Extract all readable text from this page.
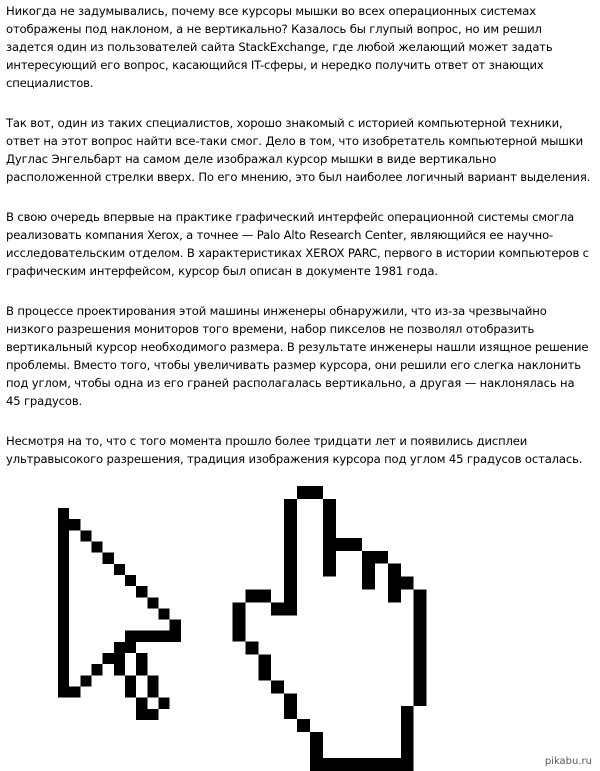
Никогда не задумывались, почему все курсоры мышки во всех операционных системах отображены под наклоном, а не вертикально? Казалось бы глупый вопрос, но им решил задется один из пользователей сайта StackExchange, где любой желающий может задать интересующий его вопрос, касающийся IT-сферы, и нередко получить ответ от знающих специалистов.

Так вот, один из таких специалистов, хорошо знакомый с историей компьютерной техники, ответ на этот вопрос найти все-таки смог. Дело в том, что изобретатель компьютерной мышки Дуглас Энгельбарт на самом деле изображал курсор мышки в виде вертикально расположенной стрелки вверх. По его мнению, это был наиболее логичный вариант выделения.

В свою очередь впервые на практике графический интерфейс операционной системы смогла реализовать компания Xerox, а точнее — Palo Alto Research Center, являющийся ее научно-исследовательским отделом. В характеристиках XEROX PARC, первого в истории компьютеров с графическим интерфейсом, курсор был описан в документе 1981 года.

В процессе проектирования этой машины инженеры обнаружили, что из-за чрезвычайно низкого разрешения мониторов того времени, набор пикселов не позволял отобразить вертикальный курсор необходимого размера. В результате инженеры нашли изящное решение проблемы. Вместо того, чтобы увеличивать размер курсора, они решили его слегка наклонить под углом, чтобы одна из его граней располагалась вертикально, а другая — наклонялась на 45 градусов.

Несмотря на то, что с того момента прошло более тридцати лет и появились дисплеи ультравысокого разрешения, традиция изображения курсора под углом 45 градусов осталась.

pikabu.ru
